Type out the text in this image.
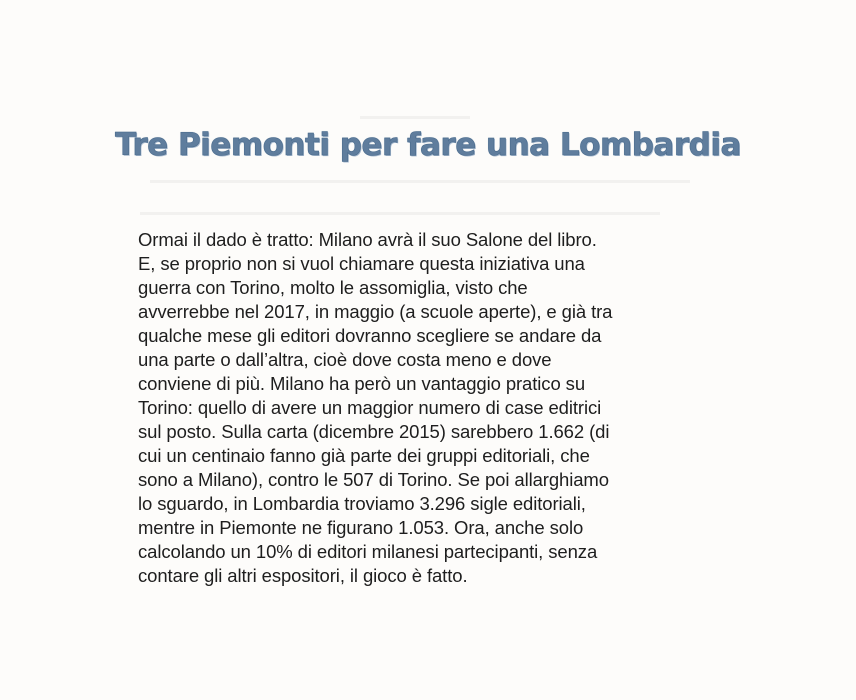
Tre Piemonti per fare una Lombardia
Ormai il dado è tratto: Milano avrà il suo Salone del libro.
E, se proprio non si vuol chiamare questa iniziativa una
guerra con Torino, molto le assomiglia, visto che
avverrebbe nel 2017, in maggio (a scuole aperte), e già tra
qualche mese gli editori dovranno scegliere se andare da
una parte o dall’altra, cioè dove costa meno e dove
conviene di più. Milano ha però un vantaggio pratico su
Torino: quello di avere un maggior numero di case editrici
sul posto. Sulla carta (dicembre 2015) sarebbero 1.662 (di
cui un centinaio fanno già parte dei gruppi editoriali, che
sono a Milano), contro le 507 di Torino. Se poi allarghiamo
lo sguardo, in Lombardia troviamo 3.296 sigle editoriali,
mentre in Piemonte ne figurano 1.053. Ora, anche solo
calcolando un 10% di editori milanesi partecipanti, senza
contare gli altri espositori, il gioco è fatto.
